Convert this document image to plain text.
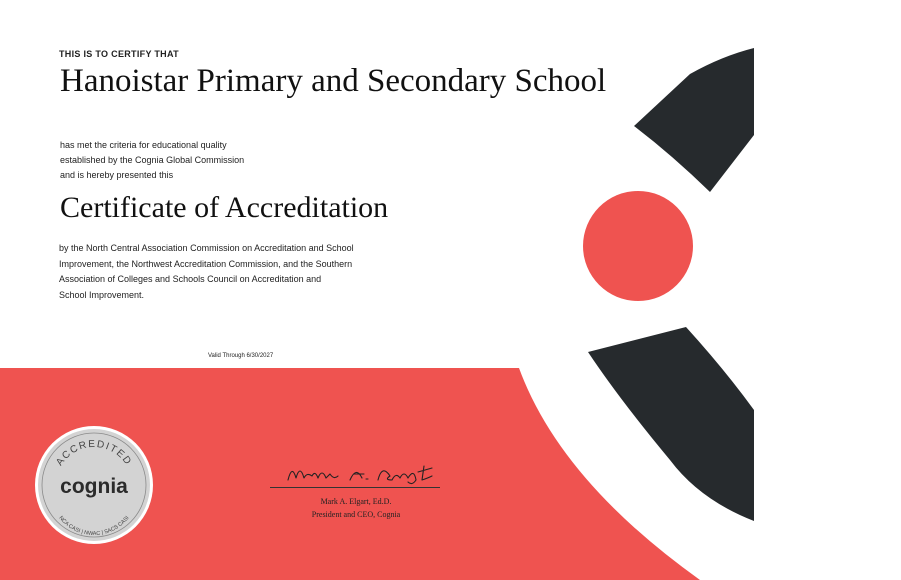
THIS IS TO CERTIFY THAT
Hanoistar Primary and Secondary School
has met the criteria for educational quality
established by the Cognia Global Commission
and is hereby presented this
Certificate of Accreditation
by the North Central Association Commission on Accreditation and School
Improvement, the Northwest Accreditation Commission, and the Southern
Association of Colleges and Schools Council on Accreditation and
School Improvement.
Valid Through 6/30/2027
ACCREDITED
cognia
NCA CASI | NWAC | SACS CASI
Mark A. Elgart, Ed.D.
President and CEO, Cognia
